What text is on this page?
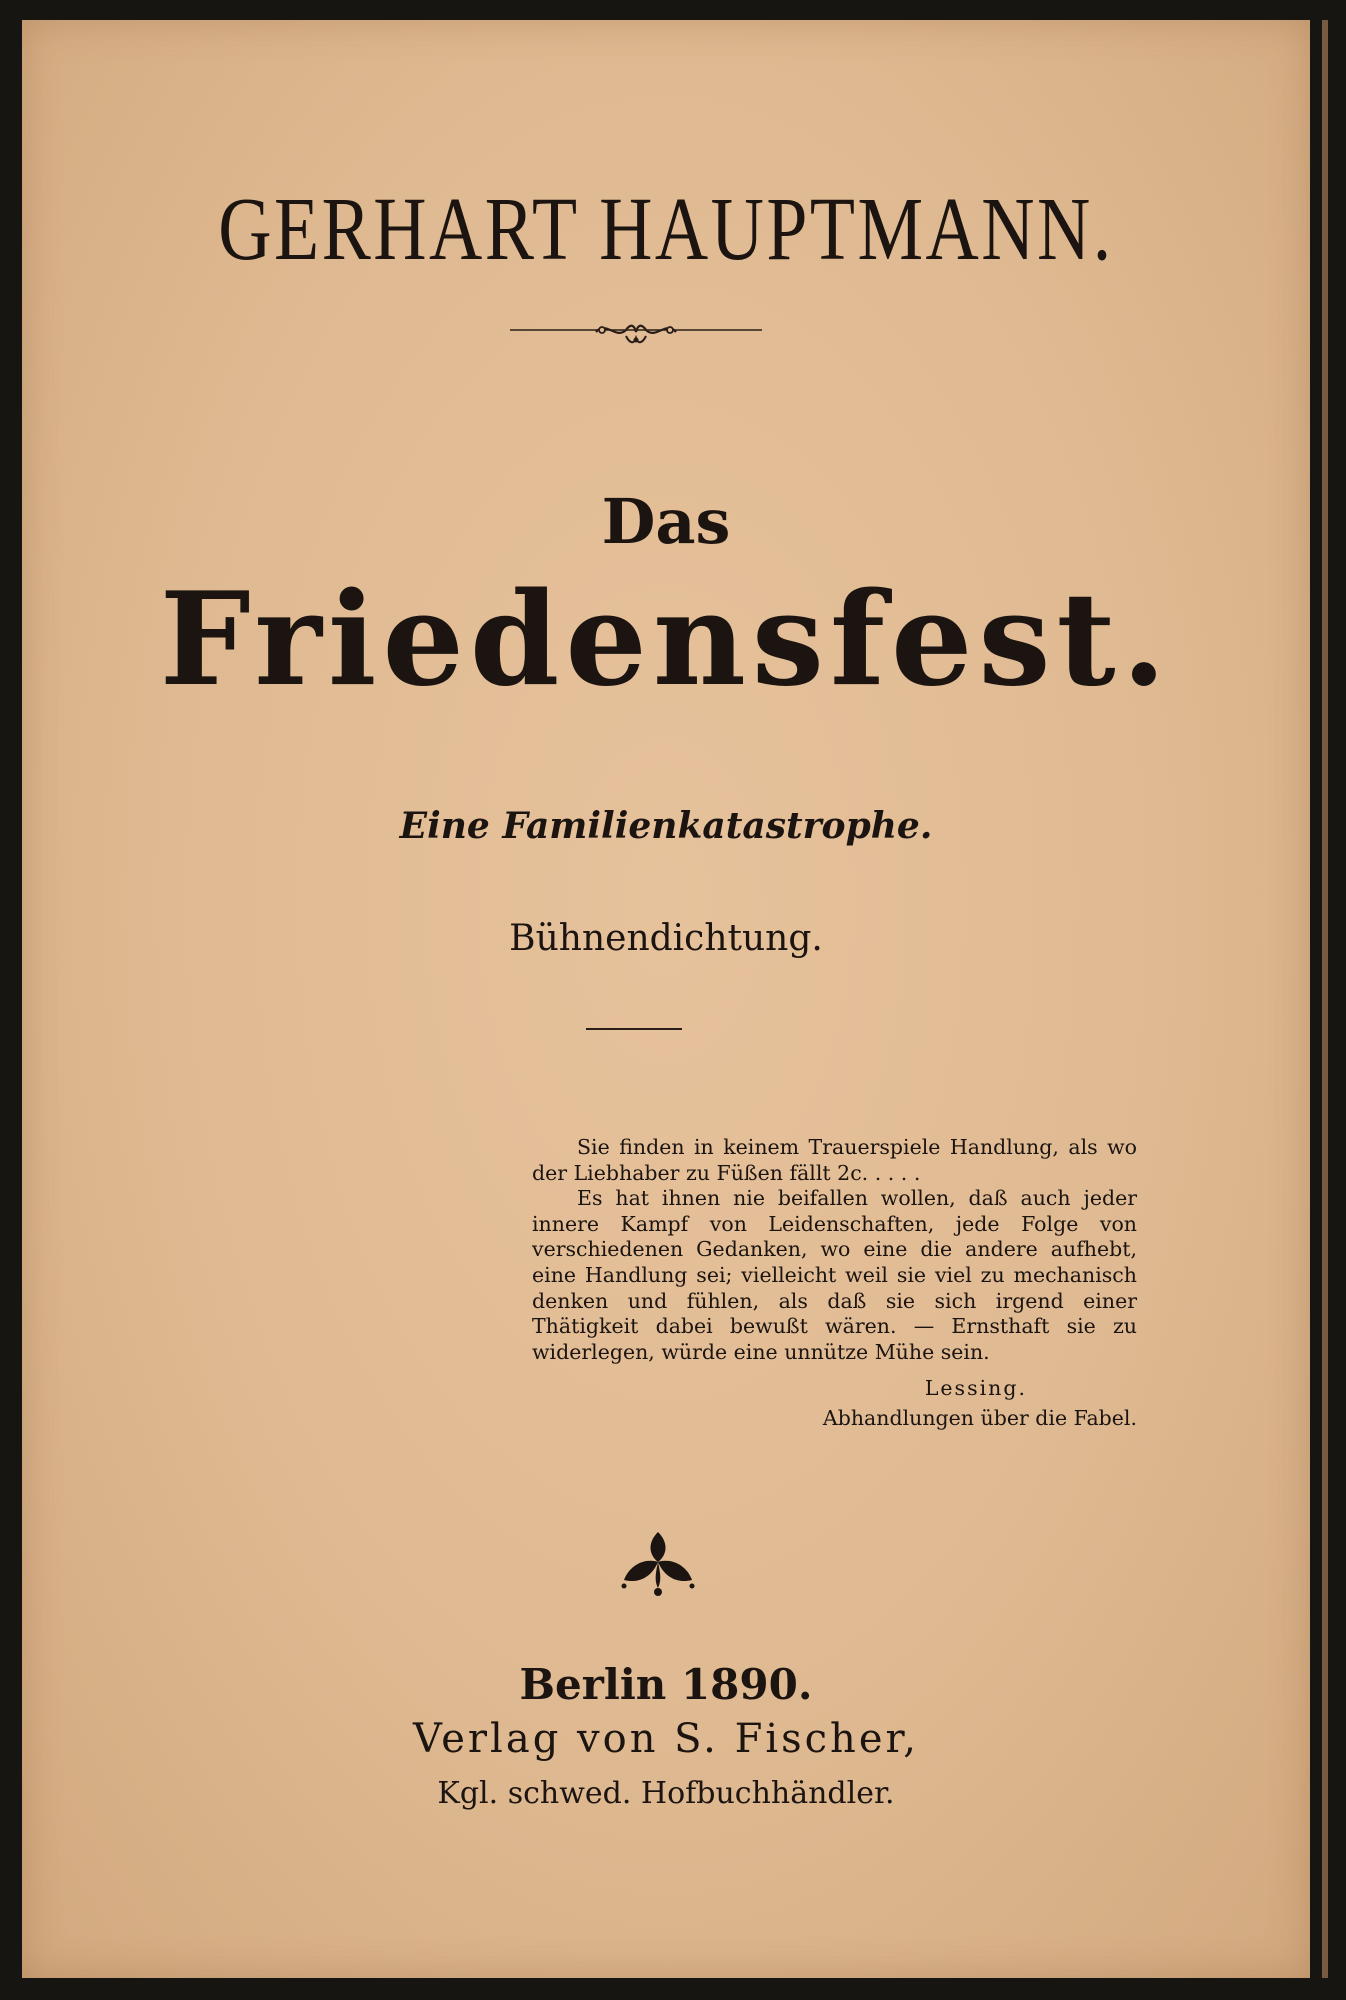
GERHART HAUPTMANN.
Das
Friedensfest.
Eine Familienkatastrophe.
Bühnendichtung.

Sie finden in keinem Trauerspiele Handlung, als wo der Liebhaber zu Füßen fällt 2c. . . . .

Es hat ihnen nie beifallen wollen, daß auch jeder innere Kampf von Leidenschaften, jede Folge von verschiedenen Gedanken, wo eine die andere aufhebt, eine Handlung sei; vielleicht weil sie viel zu mechanisch denken und fühlen, als daß sie sich irgend einer Thätigkeit dabei bewußt wären. — Ernsthaft sie zu widerlegen, würde eine unnütze Mühe sein.

Lessing.
Abhandlungen über die Fabel.
Berlin 1890.
Verlag von S. Fischer,
Kgl. schwed. Hofbuchhändler.
